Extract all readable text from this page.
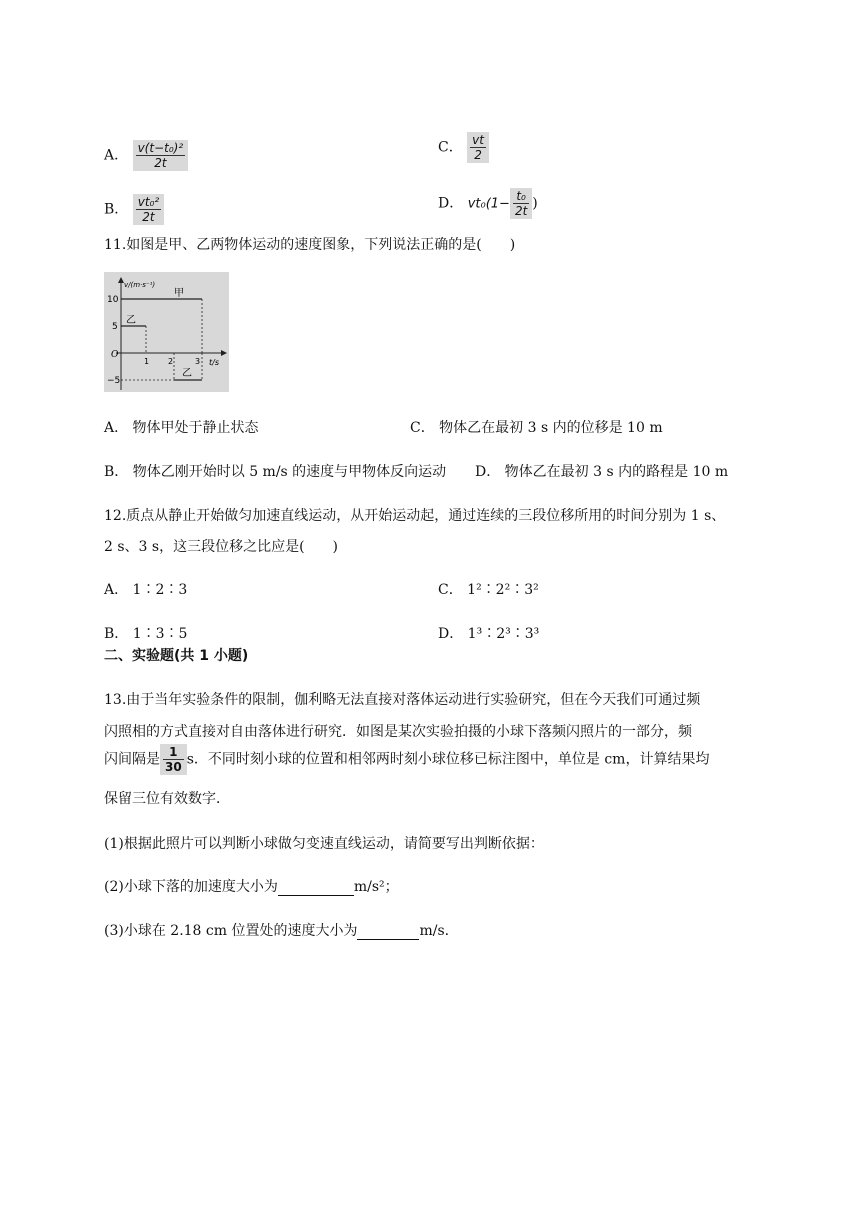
A． $\frac{\text{v(t−t₀)²}}{2t}$	C． $\frac{vt}{2}$
B． $\frac{\text{vt₀²}}{2t}$	D． $vt_0(1- \frac{\text{t₀}}{2t}$ )
11.如图是甲、乙两物体运动的速度图象，下列说法正确的是(　　)
v/(m·s⁻¹)
t/s
O
10
5
−5
1 2	3
甲
乙
乙
A． 物体甲处于静止状态	C． 物体乙在最初 3 s 内的位移是 10 m
B． 物体乙刚开始时以 5 m/s 的速度与甲物体反向运动 D． 物体乙在最初 3 s 内的路程是 10 m
12.质点从静止开始做匀加速直线运动，从开始运动起，通过连续的三段位移所用的时间分别为 1 s、
2 s、3 s，这三段位移之比应是(　　)
A． 1∶2∶3	C． 1²∶2²∶3²
B． 1∶3∶5	D． 1³∶2³∶3³
二、实验题(共 1 小题)
13.由于当年实验条件的限制，伽利略无法直接对落体运动进行实验研究，但在今天我们可通过频
闪照相的方式直接对自由落体进行研究．如图是某次实验拍摄的小球下落频闪照片的一部分，频
闪间隔是 $\frac{1}{30}$ s．不同时刻小球的位置和相邻两时刻小球位移已标注图中，单位是 cm，计算结果均
保留三位有效数字．
(1)根据此照片可以判断小球做匀变速直线运动，请简要写出判断依据：
(2)小球下落的加速度大小为	m/s²；
(3)小球在 2.18 cm 位置处的速度大小为	m/s.
